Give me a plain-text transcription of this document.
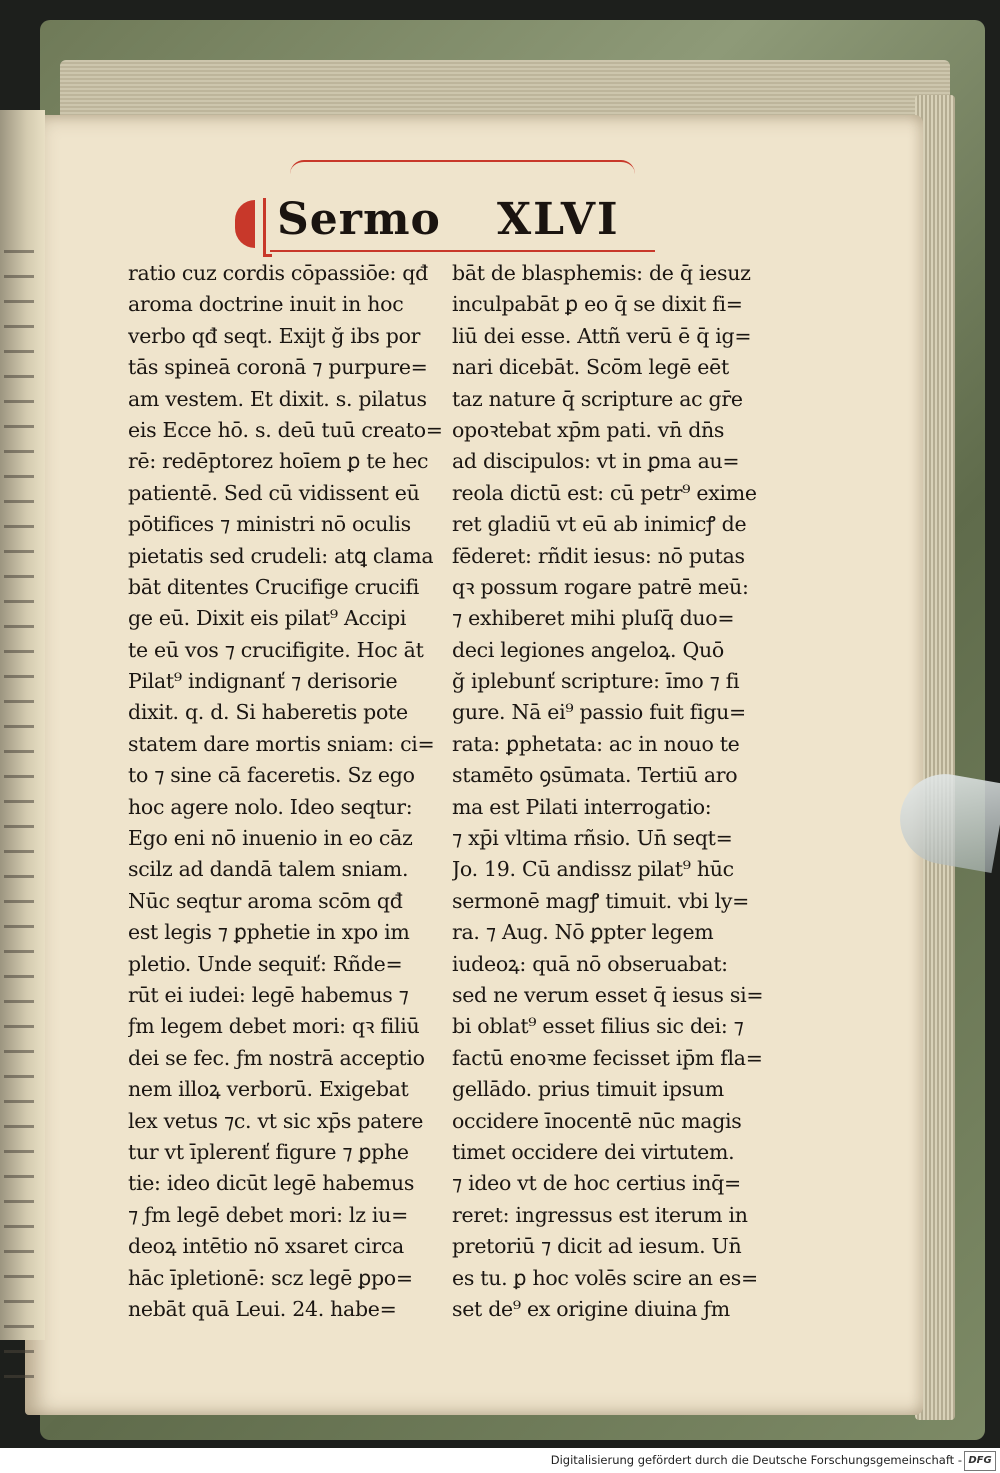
Sermo XLVI
ratio cuz cordis cōpassiōe: qđ
aroma doctrine inuit in hoc
verbo qđ seqt. Exijt ğ ibs por
tās spineā coronā ⁊ purpure=
am vestem. Et dixit. s. pilatus
eis Ecce hō. s. deū tuū creato=
rē: redēptorez hoīem ꝑ te hec
patientē. Sed cū vidissent eū
pōtifices ⁊ ministri nō oculis
pietatis sed crudeli: atꝗ clama
bāt ditentes Crucifige crucifi
ge eū. Dixit eis pilat⁹ Accipi
te eū vos ⁊ crucifigite. Hoc āt
Pilat⁹ indignanť ⁊ derisorie
dixit. q. d. Si haberetis pote
statem dare mortis sniam: ci=
to ⁊ sine cā faceretis. Sz ego
hoc agere nolo. Ideo seqtur:
Ego eni nō inuenio in eo cāz
scilz ad dandā talem sniam.
Nūc seqtur aroma scōm qđ
est legis ⁊ ꝑphetie in xpo im
pletio. Unde sequiť: Rñde=
rūt ei iudei: legē habemus ⁊
ƒm legem debet mori: qꝛ filiū
dei se fec. ƒm nostrā acceptio
nem illoꝝ verborū. Exigebat
lex vetus ⁊c. vt sic xp̄s patere
tur vt īplerenť figure ⁊ ꝑphe
tie: ideo dicūt legē habemus
⁊ ƒm legē debet mori: lz iu=
deoꝝ intētio nō xsaret circa
hāc īpletionē: scz legē ꝑpo=
nebāt quā Leui. 24. habe=
bāt de blasphemis: de q̄ iesuz
inculpabāt ꝑ eo q̄ se dixit fi=
liū dei esse. Attñ verū ē q̄ ig=
nari dicebāt. Scōm legē eēt
taz nature q̄ scripture ac gr̄e
opoꝛtebat xp̄m pati. vn̄ dn̄s
ad discipulos: vt in ꝑma au=
reola dictū est: cū petr⁹ exime
ret gladiū vt eū ab inimicꝭ de
fēderet: rñdit iesus: nō putas
qꝛ possum rogare patrē meū:
⁊ exhiberet mihi pluſq̄ duo=
deci legiones angeloꝝ. Quō
ğ iplebunť scripture: īmo ⁊ fi
gure. Nā ei⁹ passio fuit figu=
rata: ꝑphetata: ac in nouo te
stamēto ꝯsūmata. Tertiū aro
ma est Pilati interrogatio:
⁊ xp̄i vltima rñsio. Un̄ seqt=
Jo. 19. Cū andissz pilat⁹ hūc
sermonē magꝭ timuit. vbi ly=
ra. ⁊ Aug. Nō ꝑpter legem
iudeoꝝ: quā nō obseruabat:
sed ne verum esset q̄ iesus si=
bi oblat⁹ esset filius sic dei: ⁊
factū enoꝛme fecisset ip̄m fla=
gellādo. prius timuit ipsum
occidere īnocentē nūc magis
timet occidere dei virtutem.
⁊ ideo vt de hoc certius inq̄=
reret: ingressus est iterum in
pretoriū ⁊ dicit ad iesum. Un̄
es tu. ꝑ hoc volēs scire an es=
set de⁹ ex origine diuina ƒm
Digitalisierung gefördert durch die Deutsche Forschungsgemeinschaft - DFG
